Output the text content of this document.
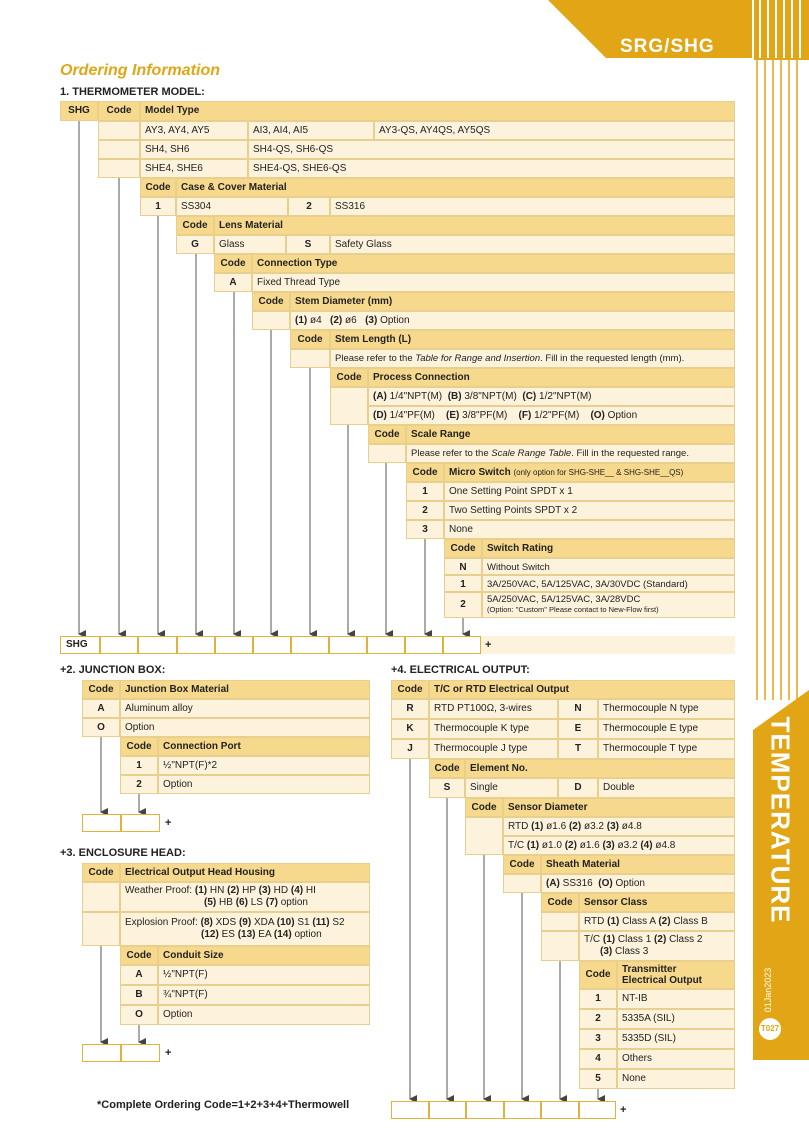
SRG/SHG
TEMPERATURE
01Jan2023
T027
Ordering Information
1. THERMOMETER MODEL:
SHG	Code	Model Type
AY3, AY4, AY5	AI3, AI4, AI5	AY3-QS, AY4QS, AY5QS
SH4, SH6	SH4-QS, SH6-QS
SHE4, SHE6	SHE4-QS, SHE6-QS
Code	Case & Cover Material
1	SS304	2	SS316
Code	Lens Material
G	Glass	S	Safety Glass
Code	Connection Type
A	Fixed Thread Type
Code	Stem Diameter (mm)
(1) ø4 (2) ø6 (3) Option
Code	Stem Length (L)
Please refer to the Table for Range and Insertion. Fill in the requested length (mm).
Code	Process Connection
(A) 1/4"NPT(M) (B) 3/8"NPT(M) (C) 1/2"NPT(M)
(D) 1/4"PF(M) (E) 3/8"PF(M) (F) 1/2"PF(M) (O) Option
Code	Scale Range
Please refer to the Scale Range Table. Fill in the requested range.
Code	Micro Switch (only option for SHG-SHE__ & SHG-SHE__QS)
1	One Setting Point SPDT x 1
2	Two Setting Points SPDT x 2
3	None
Code	Switch Rating
N	Without Switch
1	3A/250VAC, 5A/125VAC, 3A/30VDC (Standard)
2	5A/250VAC, 5A/125VAC, 3A/28VDC
(Option: "Custom" Please contact to New-Flow first)
SHG	+
+2. JUNCTION BOX:
Code	Junction Box Material
A	Aluminum alloy
O	Option
Code	Connection Port
1	½"NPT(F)*2
2	Option
+
+3. ENCLOSURE HEAD:
Code	Electrical Output Head Housing
Weather Proof: (1) HN (2) HP (3) HD (4) HI
(5) HB (6) LS (7) option
Explosion Proof: (8) XDS (9) XDA (10) S1 (11) S2
(12) ES (13) EA (14) option
Code	Conduit Size
A	½"NPT(F)
B	¾"NPT(F)
O	Option
+
*Complete Ordering Code=1+2+3+4+Thermowell
+4. ELECTRICAL OUTPUT:
Code	T/C or RTD Electrical Output
R	RTD PT100Ω, 3-wires	N	Thermocouple N type
K	Thermocouple K type	E	Thermocouple E type
J	Thermocouple J type	T	Thermocouple T type
Code	Element No.
S	Single	D	Double
Code	Sensor Diameter
RTD (1) ø1.6 (2) ø3.2 (3) ø4.8
T/C (1) ø1.0 (2) ø1.6 (3) ø3.2 (4) ø4.8
Code	Sheath Material
(A) SS316 (O) Option
Code	Sensor Class
RTD (1) Class A (2) Class B
T/C (1) Class 1 (2) Class 2
(3) Class 3
Code	Transmitter
Electrical Output
1	NT-IB
2	5335A (SIL)
3	5335D (SIL)
4	Others
5	None
+
